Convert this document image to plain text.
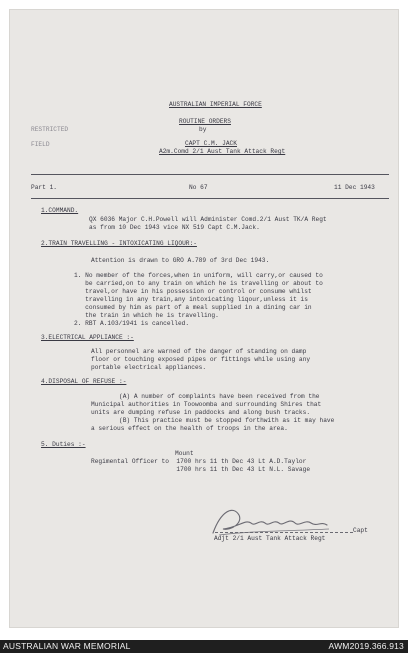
AUSTRALIAN IMPERIAL FORCE
RESTRICTED
ROUTINE ORDERS
by
FIELD	CAPT C.M. JACK
A2m.Comd 2/1 Aust Tank Attack Regt
Part 1.	No 67	11 Dec 1943
1.COMMAND.
QX 6036 Major C.H.Powell will Administer Comd.2/1 Aust TK/A Regt
as from 10 Dec 1943 vice NX 519 Capt C.M.Jack.
2.TRAIN TRAVELLING - INTOXICATING LIQOUR:-
Attention is drawn to GRO A.789 of 3rd Dec 1943.
1. No member of the forces,when in uniform, will carry,or caused to
be carried,on to any train on which he is travelling or about to
travel,or have in his possession or control or consume whilst
travelling in any train,any intoxicating liqour,unless it is
consumed by him as part of a meal supplied in a dining car in
the train in which he is travelling.
2. RBT A.103/1941 is cancelled.
3.ELECTRICAL APPLIANCE :-
All personnel are warned of the danger of standing on damp
floor or touching exposed pipes or fittings while using any
portable electrical appliances.
4.DISPOSAL OF REFUSE :-
(A) A number of complaints have been received from the
Municipal authorities in Toowoomba and surrounding Shires that
units are dumping refuse in paddocks and along bush tracks.
(B) This practice must be stopped forthwith as it may have
a serious effect on the health of troops in the area.
5. Duties :-
Mount
Regimental Officer to  1700 hrs 11 th Dec 43 Lt A.D.Taylor
1700 hrs 11 th Dec 43 Lt N.L. Savage
Capt
Adjt 2/1 Aust Tank Attack Regt
AUSTRALIAN WAR MEMORIAL	AWM2019.366.913
